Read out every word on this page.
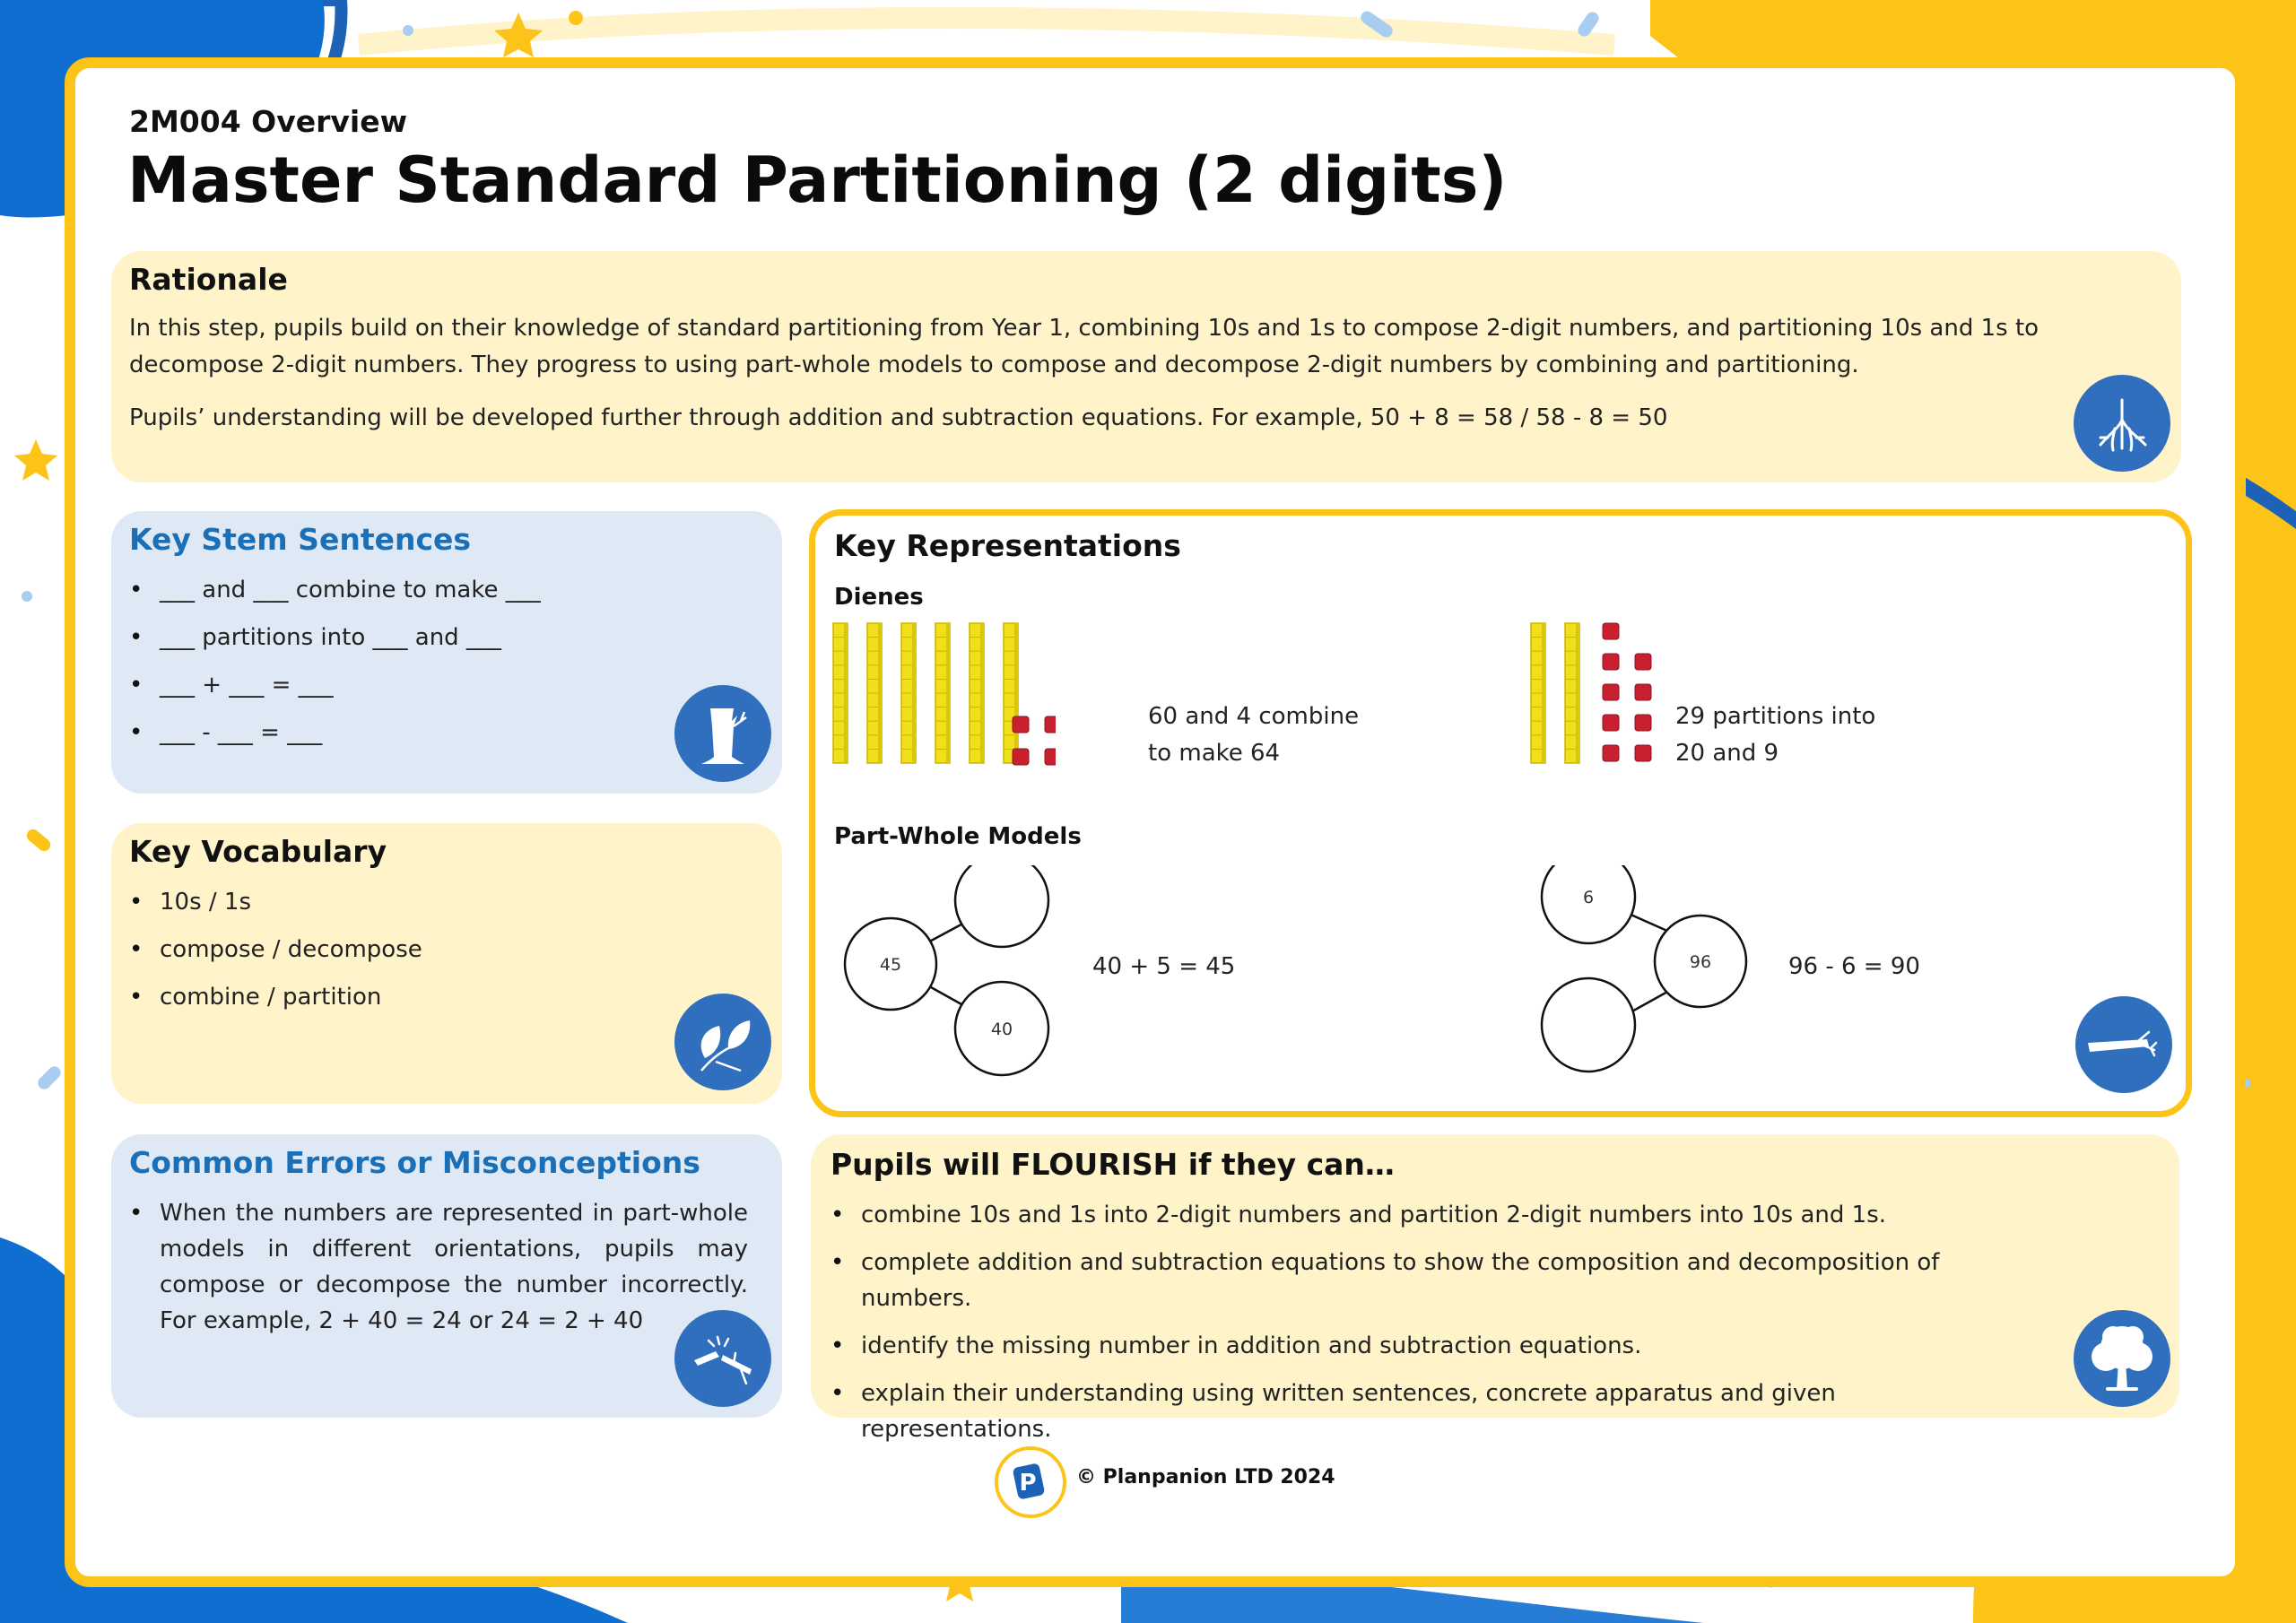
2M004 Overview
Master Standard Partitioning (2 digits)
Rationale
In this step, pupils build on their knowledge of standard partitioning from Year 1, combining 10s and 1s to compose 2-digit numbers, and partitioning 10s and 1s to decompose 2-digit numbers. They progress to using part-whole models to compose and decompose 2-digit numbers by combining and partitioning.
Pupils’ understanding will be developed further through addition and subtraction equations. For example, 50 + 8 = 58 / 58 - 8 = 50
Key Stem Sentences
• ___ and ___ combine to make ___
• ___ partitions into ___ and ___
• ___ + ___ = ___
• ___ - ___ = ___
Key Vocabulary
• 10s / 1s
• compose / decompose
• combine / partition
Common Errors or Misconceptions
• When the numbers are represented in part-whole models in different orientations, pupils may compose or decompose the number incorrectly. For example, 2 + 40 = 24 or 24 = 2 + 40
Key Representations
Dienes
60 and 4 combine
to make 64
29 partitions into
20 and 9
Part-Whole Models
45
40
40 + 5 = 45
6
96	96 - 6 = 90
Pupils will FLOURISH if they can…
• combine 10s and 1s into 2-digit numbers and partition 2-digit numbers into 10s and 1s.
• complete addition and subtraction equations to show the composition and decomposition of numbers.
• identify the missing number in addition and subtraction equations.
• explain their understanding using written sentences, concrete apparatus and given representations.
P © Planpanion LTD 2024
